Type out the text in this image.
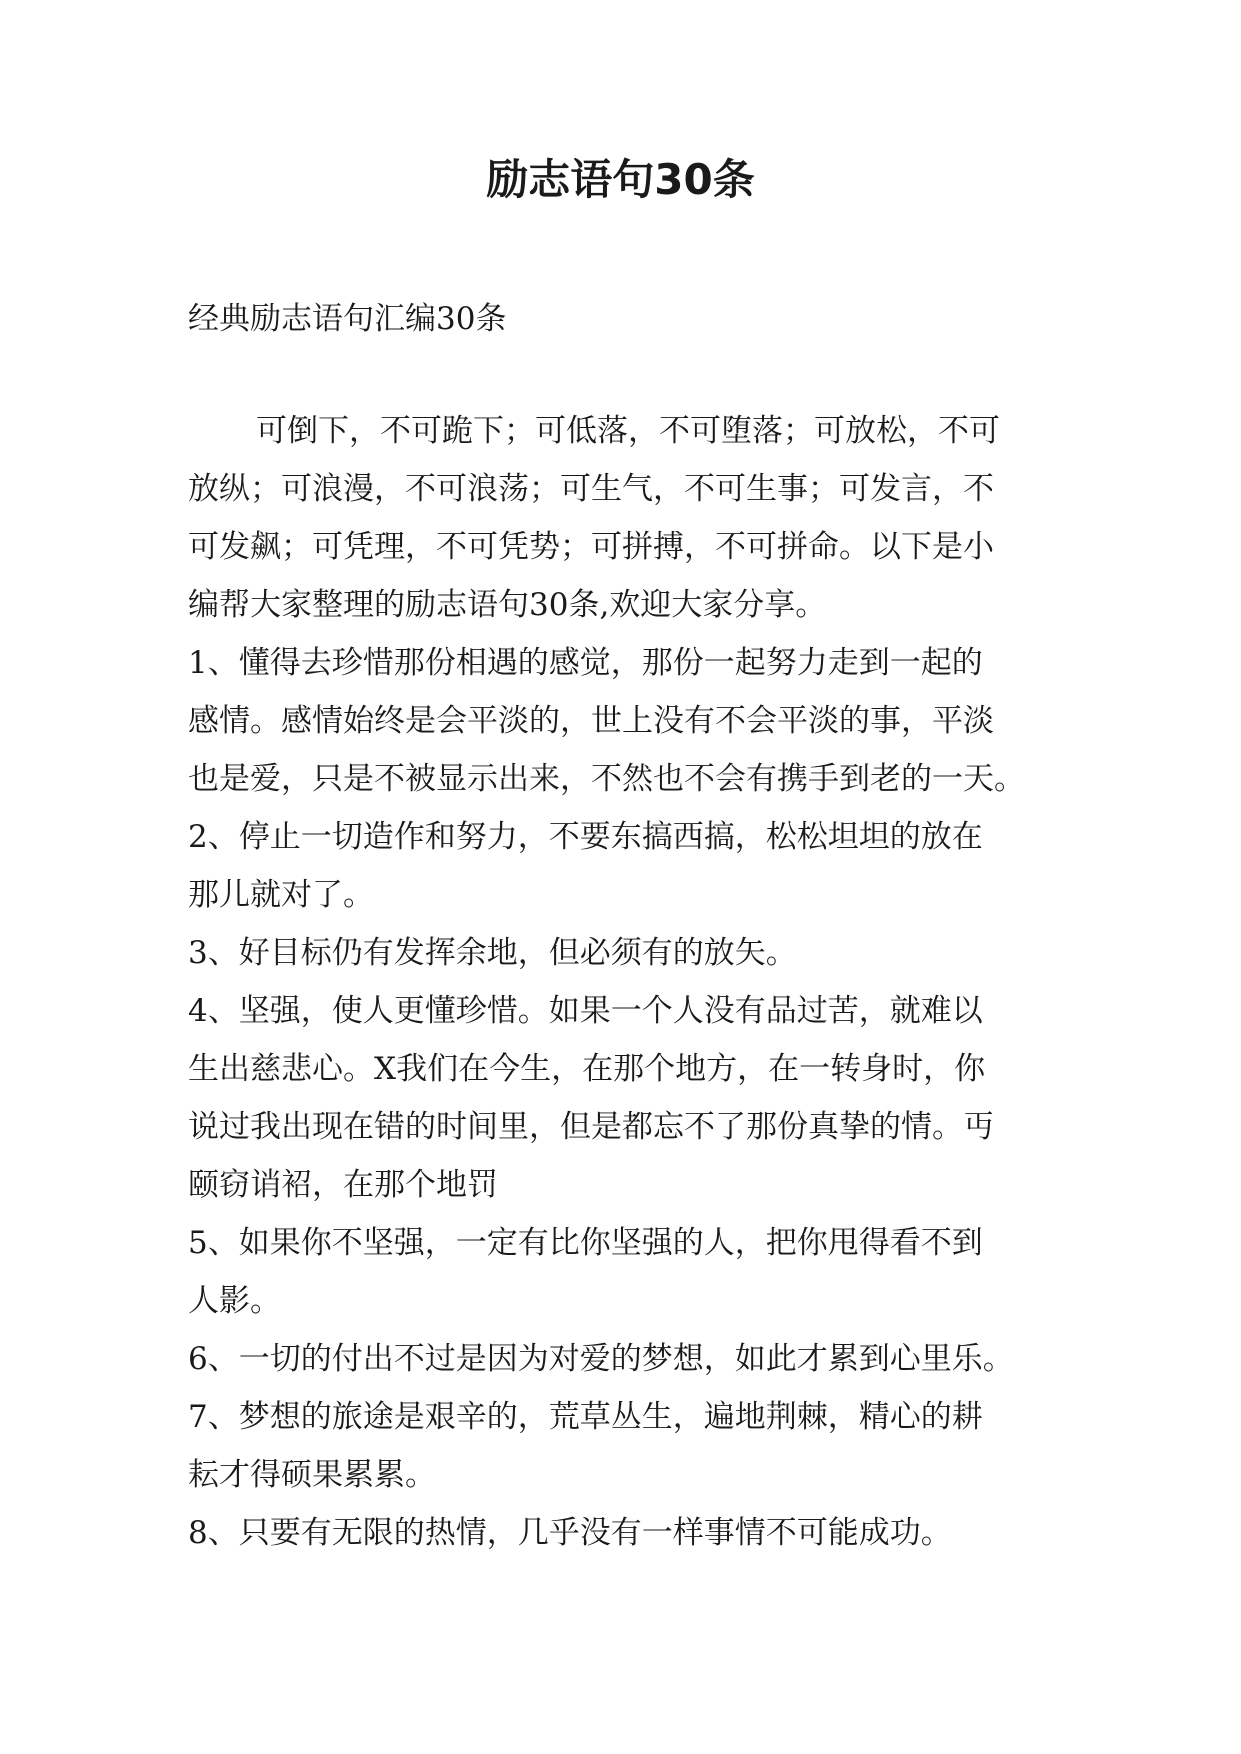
励志语句30条

经典励志语句汇编30条

可倒下，不可跪下；可低落，不可堕落；可放松，不可
放纵；可浪漫，不可浪荡；可生气，不可生事；可发言，不
可发飙；可凭理，不可凭势；可拼搏，不可拼命。以下是小
编帮大家整理的励志语句30条,欢迎大家分享。
1、懂得去珍惜那份相遇的感觉，那份一起努力走到一起的
感情。感情始终是会平淡的，世上没有不会平淡的事，平淡
也是爱，只是不被显示出来，不然也不会有携手到老的一天。
2、停止一切造作和努力，不要东搞西搞，松松坦坦的放在
那儿就对了。
3、好目标仍有发挥余地，但必须有的放矢。
4、坚强，使人更懂珍惜。如果一个人没有品过苦，就难以
生出慈悲心。X我们在今生，在那个地方，在一转身时，你
说过我出现在错的时间里，但是都忘不了那份真挚的情。丏
颐窃诮袑，在那个地罚
5、如果你不坚强，一定有比你坚强的人，把你甩得看不到
人影。
6、一切的付出不过是因为对爱的梦想，如此才累到心里乐。
7、梦想的旅途是艰辛的，荒草丛生，遍地荆棘，精心的耕
耘才得硕果累累。
8、只要有无限的热情，几乎没有一样事情不可能成功。
